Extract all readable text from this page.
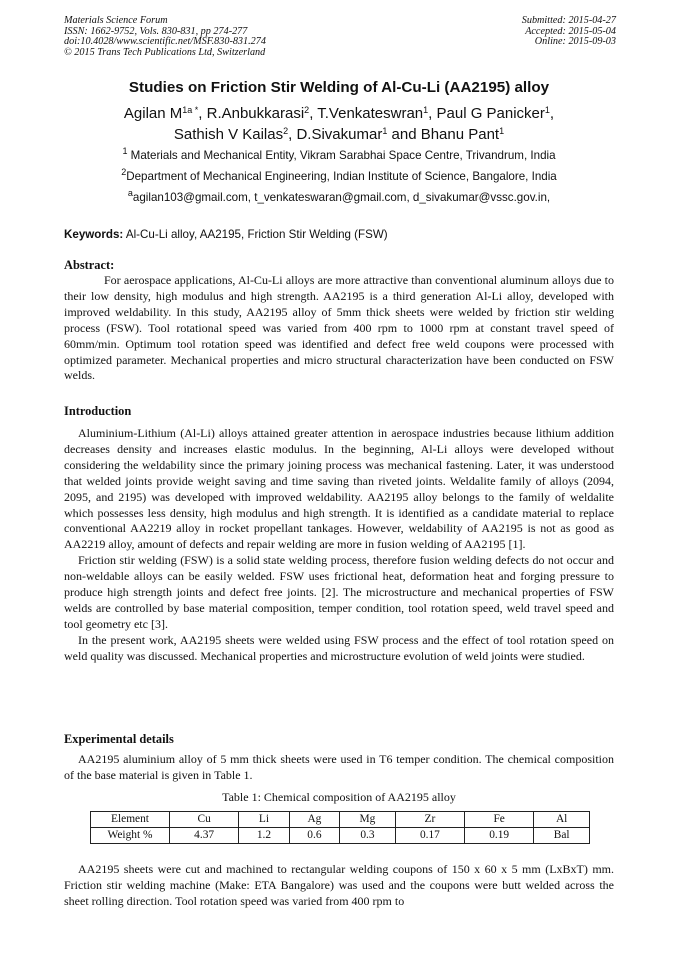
Materials Science Forum
ISSN: 1662-9752, Vols. 830-831, pp 274-277
doi:10.4028/www.scientific.net/MSF.830-831.274
© 2015 Trans Tech Publications Ltd, Switzerland
Submitted: 2015-04-27
Accepted: 2015-05-04
Online: 2015-09-03
Studies on Friction Stir Welding of Al-Cu-Li (AA2195) alloy
Agilan $M^{1a *}$, R.Anbukkarasi$^2$, T.Venkateswran$^1$, Paul G Panicker$^1$,
Sathish V Kailas$^2$, D.Sivakumar$^1$ and Bhanu Pant$^1$
$^1$ Materials and Mechanical Entity, Vikram Sarabhai Space Centre, Trivandrum, India
$^2$Department of Mechanical Engineering, Indian Institute of Science, Bangalore, India
$^a$agilan103@gmail.com, t_venkateswaran@gmail.com, d_sivakumar@vssc.gov.in,
Keywords: Al-Cu-Li alloy, AA2195, Friction Stir Welding (FSW)
Abstract:

For aerospace applications, Al-Cu-Li alloys are more attractive than conventional aluminum alloys due to their low density, high modulus and high strength. AA2195 is a third generation Al-Li alloy, developed with improved weldability. In this study, AA2195 alloy of 5mm thick sheets were welded by friction stir welding process (FSW). Tool rotational speed was varied from 400 rpm to 1000 rpm at constant travel speed of 60mm/min. Optimum tool rotation speed was identified and defect free weld coupons were processed with optimized parameter. Mechanical properties and micro structural characterization have been conducted on FSW welds.

Introduction

Aluminium-Lithium (Al-Li) alloys attained greater attention in aerospace industries because lithium addition decreases density and increases elastic modulus. In the beginning, Al-Li alloys were developed without considering the weldability since the primary joining process was mechanical fastening. Later, it was understood that welded joints provide weight saving and time saving than riveted joints. Weldalite family of alloys (2094, 2095, and 2195) was developed with improved weldability. AA2195 alloy belongs to the family of weldalite which possesses less density, high modulus and high strength. It is identified as a candidate material to replace conventional AA2219 alloy in rocket propellant tankages. However, weldability of AA2195 is not as good as AA2219 alloy, amount of defects and repair welding are more in fusion welding of AA2195 [1].

Friction stir welding (FSW) is a solid state welding process, therefore fusion welding defects do not occur and non-weldable alloys can be easily welded. FSW uses frictional heat, deformation heat and forging pressure to produce high strength joints and defect free joints. [2]. The microstructure and mechanical properties of FSW welds are controlled by base material composition, temper condition, tool rotation speed, weld travel speed and tool geometry etc [3].

In the present work, AA2195 sheets were welded using FSW process and the effect of tool rotation speed on weld quality was discussed. Mechanical properties and microstructure evolution of weld joints were studied.

Experimental details

AA2195 aluminium alloy of 5 mm thick sheets were used in T6 temper condition. The chemical composition of the base material is given in Table 1.

Table 1: Chemical composition of AA2195 alloy
Element	Cu	Li	Ag	Mg	Zr	Fe	Al
Weight %	4.37	1.2	0.6	0.3	0.17	0.19	Bal

AA2195 sheets were cut and machined to rectangular welding coupons of 150 x 60 x 5 mm (LxBxT) mm. Friction stir welding machine (Make: ETA Bangalore) was used and the coupons were butt welded across the sheet rolling direction. Tool rotation speed was varied from 400 rpm to
